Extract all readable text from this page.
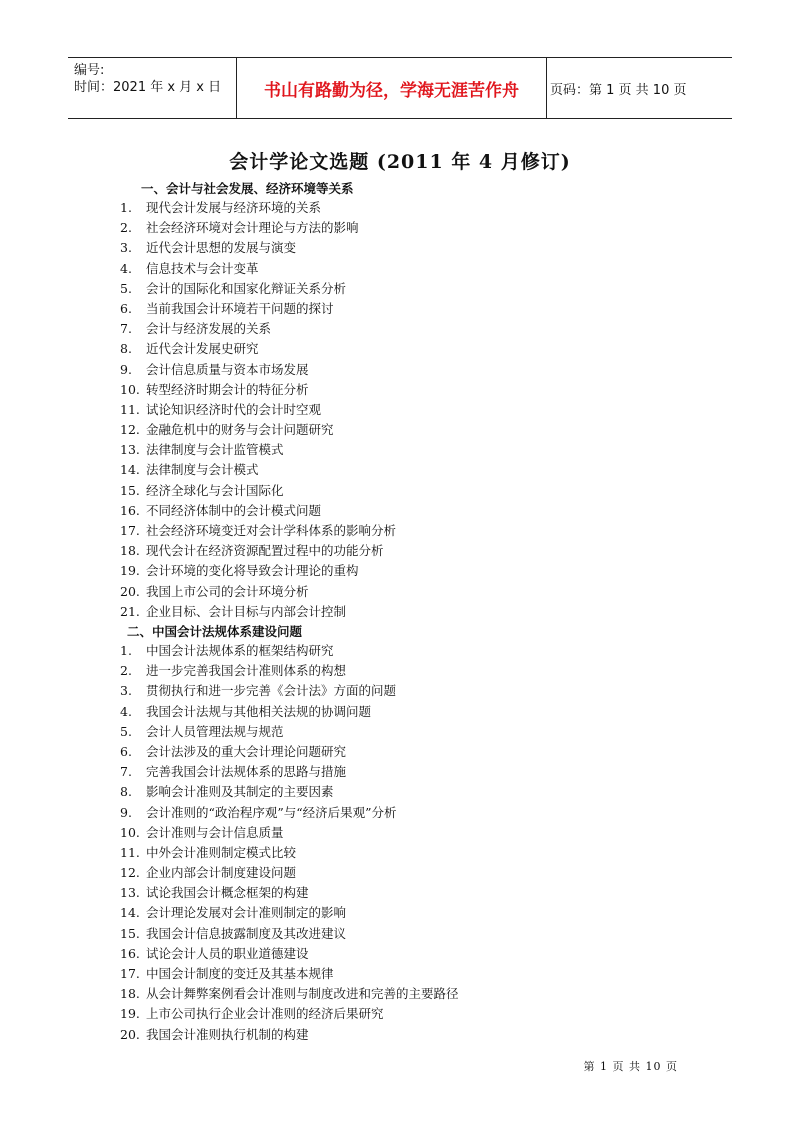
编号:
时间：2021 年 x 月 x 日	书山有路勤为径，学海无涯苦作舟	页码：第 1 页 共 10 页
会计学论文选题 (2011 年 4 月修订)
一、会计与社会发展、经济环境等关系
1. 现代会计发展与经济环境的关系
2. 社会经济环境对会计理论与方法的影响
3. 近代会计思想的发展与演变
4. 信息技术与会计变革
5. 会计的国际化和国家化辩证关系分析
6. 当前我国会计环境若干问题的探讨
7. 会计与经济发展的关系
8. 近代会计发展史研究
9. 会计信息质量与资本市场发展
10. 转型经济时期会计的特征分析
11. 试论知识经济时代的会计时空观
12. 金融危机中的财务与会计问题研究
13. 法律制度与会计监管模式
14. 法律制度与会计模式
15. 经济全球化与会计国际化
16. 不同经济体制中的会计模式问题
17. 社会经济环境变迁对会计学科体系的影响分析
18. 现代会计在经济资源配置过程中的功能分析
19. 会计环境的变化将导致会计理论的重构
20. 我国上市公司的会计环境分析
21. 企业目标、会计目标与内部会计控制
二、中国会计法规体系建设问题
1. 中国会计法规体系的框架结构研究
2. 进一步完善我国会计准则体系的构想
3. 贯彻执行和进一步完善《会计法》方面的问题
4. 我国会计法规与其他相关法规的协调问题
5. 会计人员管理法规与规范
6. 会计法涉及的重大会计理论问题研究
7. 完善我国会计法规体系的思路与措施
8. 影响会计准则及其制定的主要因素
9. 会计准则的“政治程序观”与“经济后果观”分析
10. 会计准则与会计信息质量
11. 中外会计准则制定模式比较
12. 企业内部会计制度建设问题
13. 试论我国会计概念框架的构建
14. 会计理论发展对会计准则制定的影响
15. 我国会计信息披露制度及其改进建议
16. 试论会计人员的职业道德建设
17. 中国会计制度的变迁及其基本规律
18. 从会计舞弊案例看会计准则与制度改进和完善的主要路径
19. 上市公司执行企业会计准则的经济后果研究
20. 我国会计准则执行机制的构建
第 1 页 共 10 页
